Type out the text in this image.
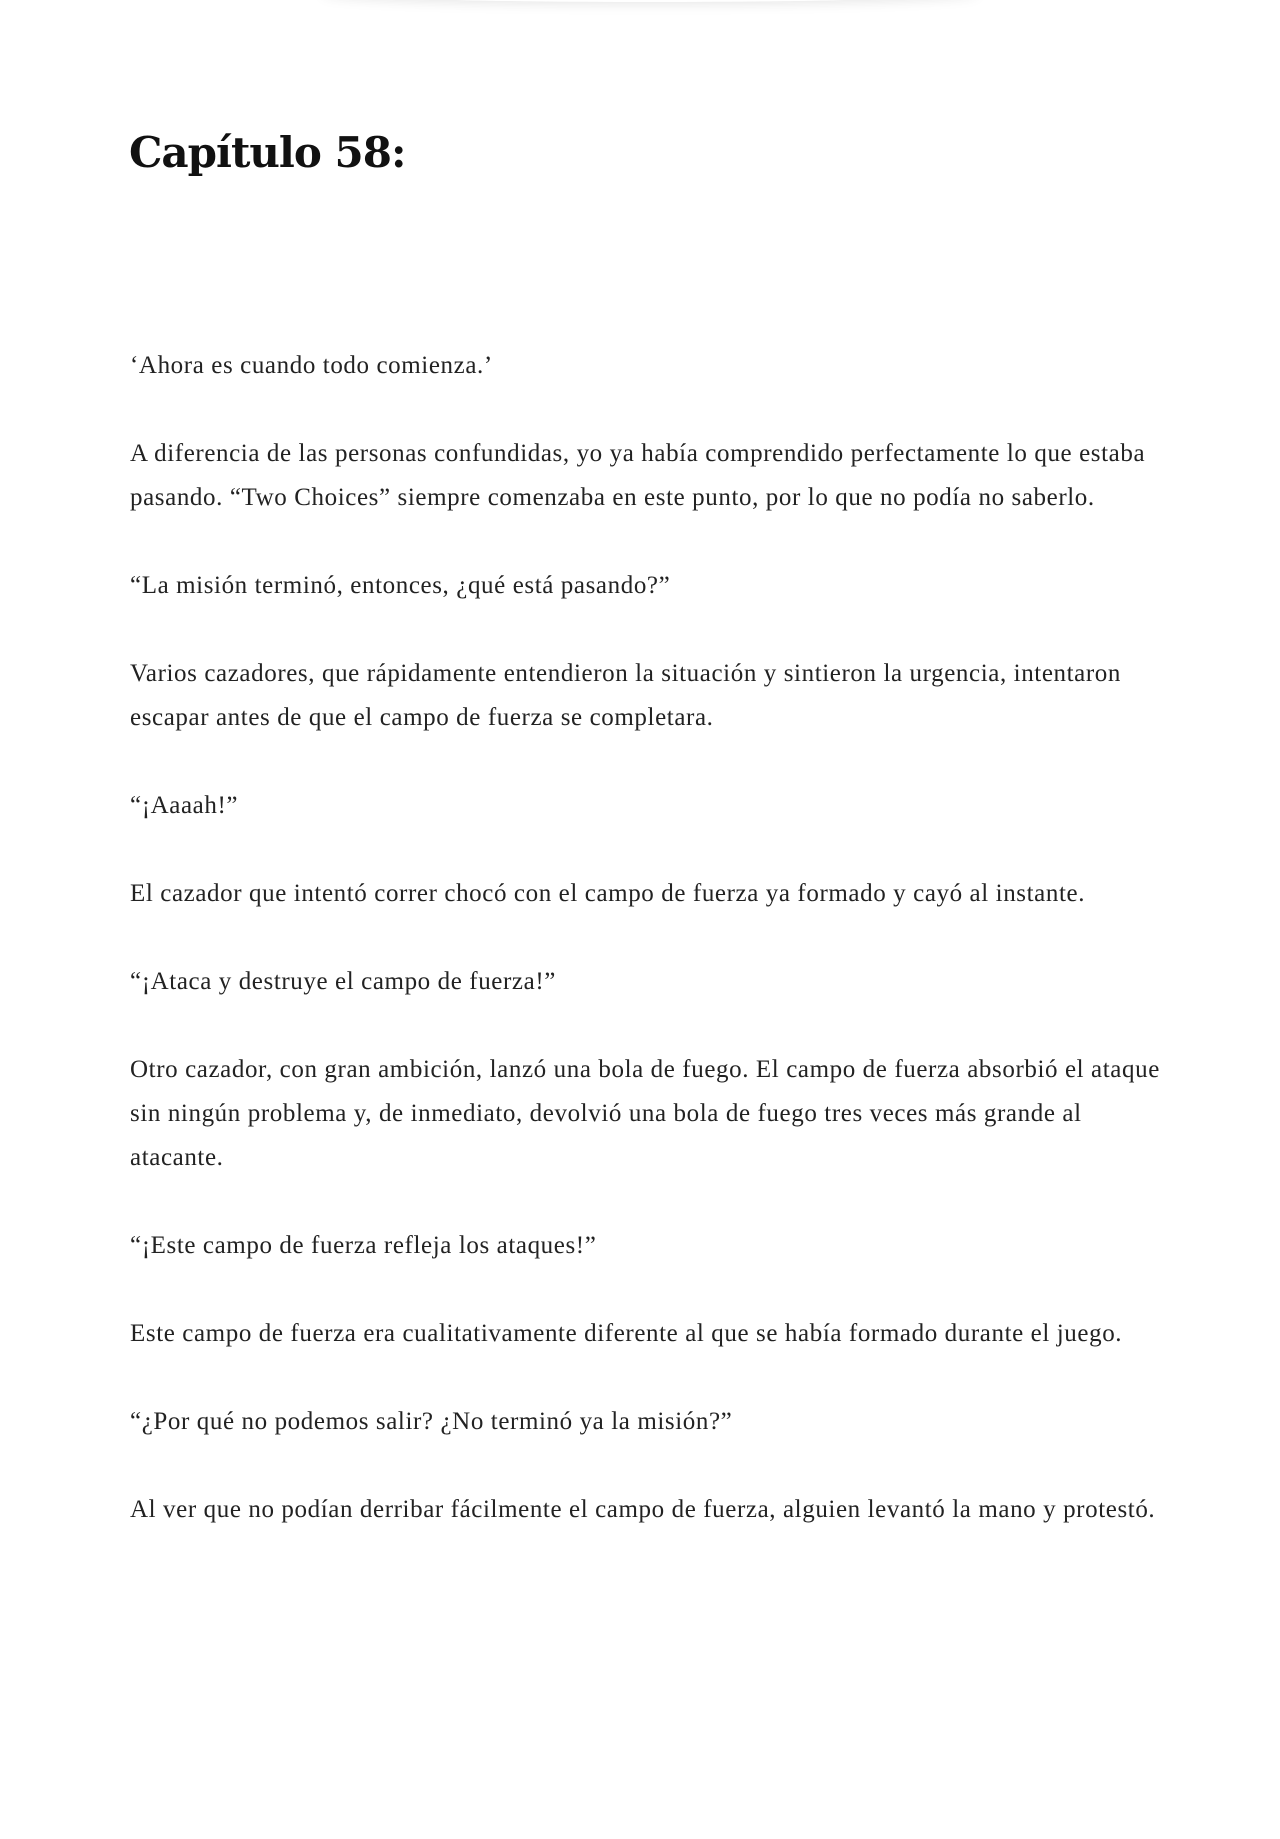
Capítulo 58:

‘Ahora es cuando todo comienza.’

A diferencia de las personas confundidas, yo ya había comprendido perfectamente lo que estaba pasando. “Two Choices” siempre comenzaba en este punto, por lo que no podía no saberlo.

“La misión terminó, entonces, ¿qué está pasando?”

Varios cazadores, que rápidamente entendieron la situación y sintieron la urgencia, intentaron escapar antes de que el campo de fuerza se completara.

“¡Aaaah!”

El cazador que intentó correr chocó con el campo de fuerza ya formado y cayó al instante.

“¡Ataca y destruye el campo de fuerza!”

Otro cazador, con gran ambición, lanzó una bola de fuego. El campo de fuerza absorbió el ataque sin ningún problema y, de inmediato, devolvió una bola de fuego tres veces más grande al atacante.

“¡Este campo de fuerza refleja los ataques!”

Este campo de fuerza era cualitativamente diferente al que se había formado durante el juego.

“¿Por qué no podemos salir? ¿No terminó ya la misión?”

Al ver que no podían derribar fácilmente el campo de fuerza, alguien levantó la mano y protestó.
